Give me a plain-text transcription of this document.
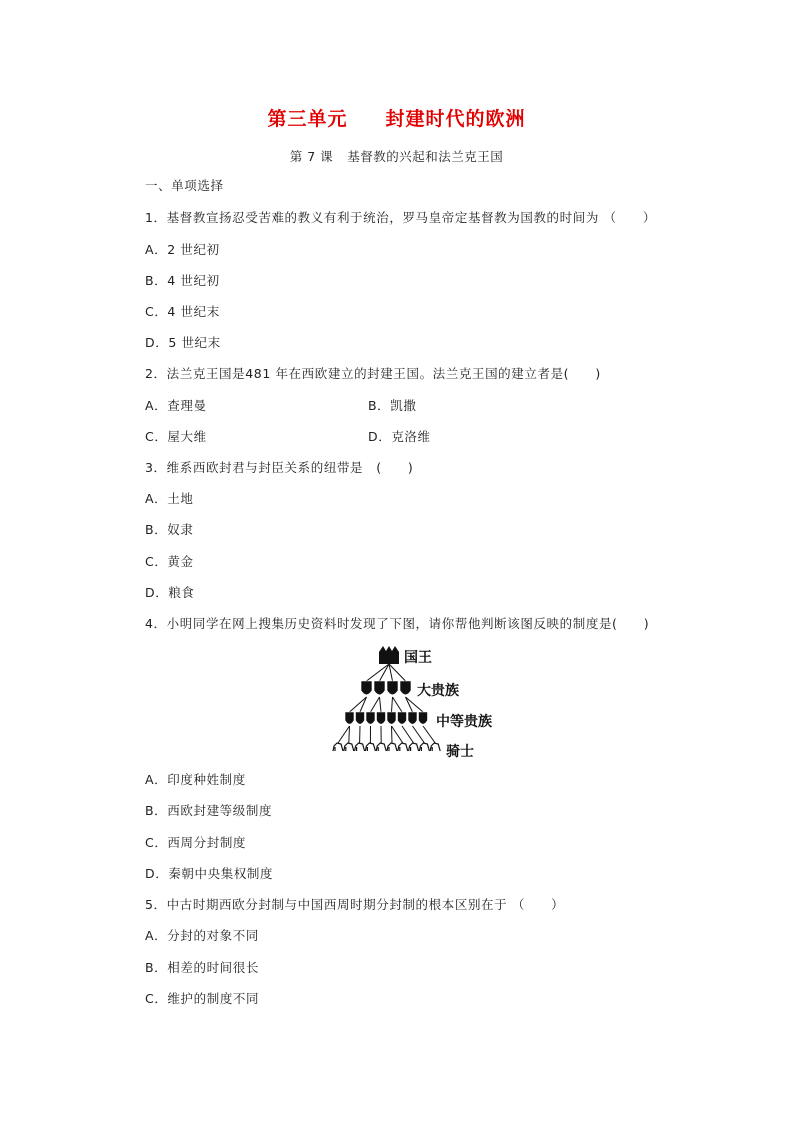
第三单元 封建时代的欧洲
第 7 课 基督教的兴起和法兰克王国
一、单项选择
1．基督教宣扬忍受苦难的教义有利于统治，罗马皇帝定基督教为国教的时间为 （　　）
A．2 世纪初
B．4 世纪初
C．4 世纪末
D．5 世纪末
2．法兰克王国是481 年在西欧建立的封建王国。法兰克王国的建立者是(　　)
A．查理曼	B．凯撒
C．屋大维	D．克洛维
3．维系西欧封君与封臣关系的纽带是　(　　)
A．土地
B．奴隶
C．黄金
D．粮食
4．小明同学在网上搜集历史资料时发现了下图，请你帮他判断该图反映的制度是(　　)
国王
大贵族
中等贵族
骑士
A．印度种姓制度
B．西欧封建等级制度
C．西周分封制度
D．秦朝中央集权制度
5．中古时期西欧分封制与中国西周时期分封制的根本区别在于 （　　）
A．分封的对象不同
B．相差的时间很长
C．维护的制度不同
